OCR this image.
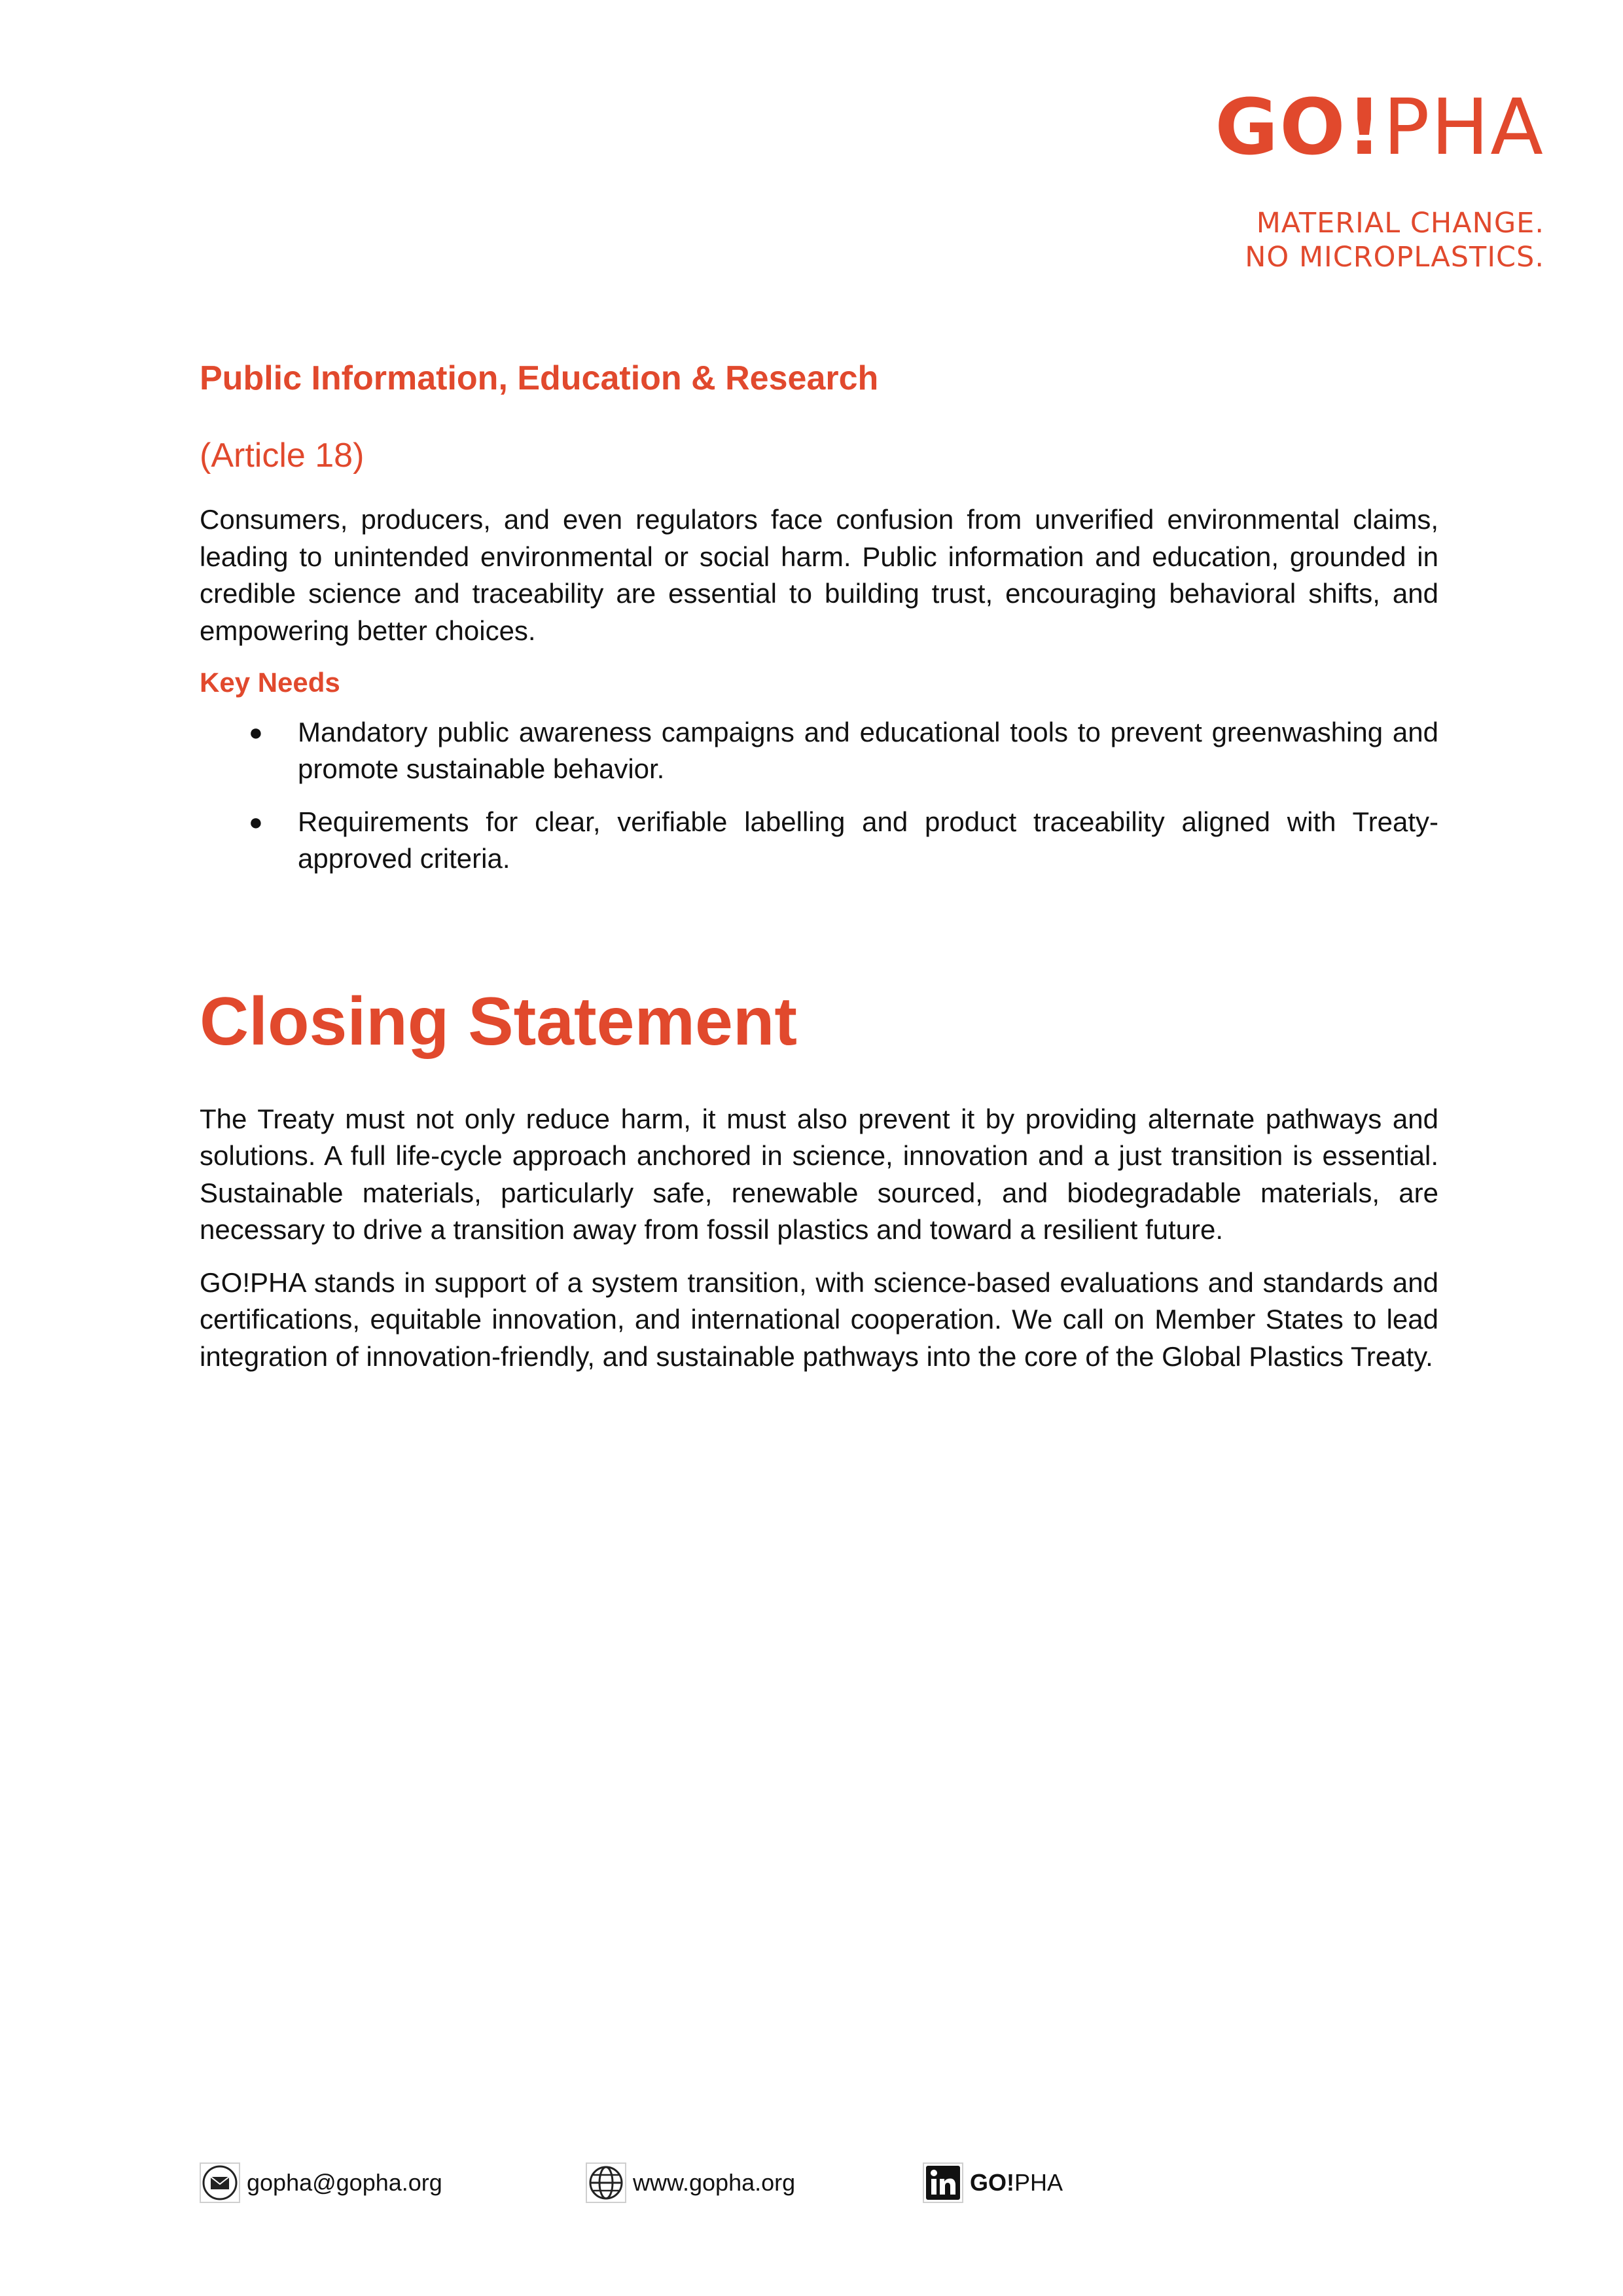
GO!PHA
MATERIAL CHANGE.
NO MICROPLASTICS.
Public Information, Education & Research
(Article 18)

Consumers, producers, and even regulators face confusion from unverified environmental claims, leading to unintended environmental or social harm. Public information and education, grounded in credible science and traceability are essential to building trust, encouraging behavioral shifts, and empowering better choices.

Key Needs
● Mandatory public awareness campaigns and educational tools to prevent greenwashing and promote sustainable behavior.
● Requirements for clear, verifiable labelling and product traceability aligned with Treaty-approved criteria.
Closing Statement

The Treaty must not only reduce harm, it must also prevent it by providing alternate pathways and solutions. A full life-cycle approach anchored in science, innovation and a just transition is essential. Sustainable materials, particularly safe, renewable sourced, and biodegradable materials, are necessary to drive a transition away from fossil plastics and toward a resilient future.

GO!PHA stands in support of a system transition, with science-based evaluations and standards and certifications, equitable innovation, and international cooperation. We call on Member States to lead integration of innovation-friendly, and sustainable pathways into the core of the Global Plastics Treaty.

gopha@gopha.org	www.gopha.org	GO!PHA
